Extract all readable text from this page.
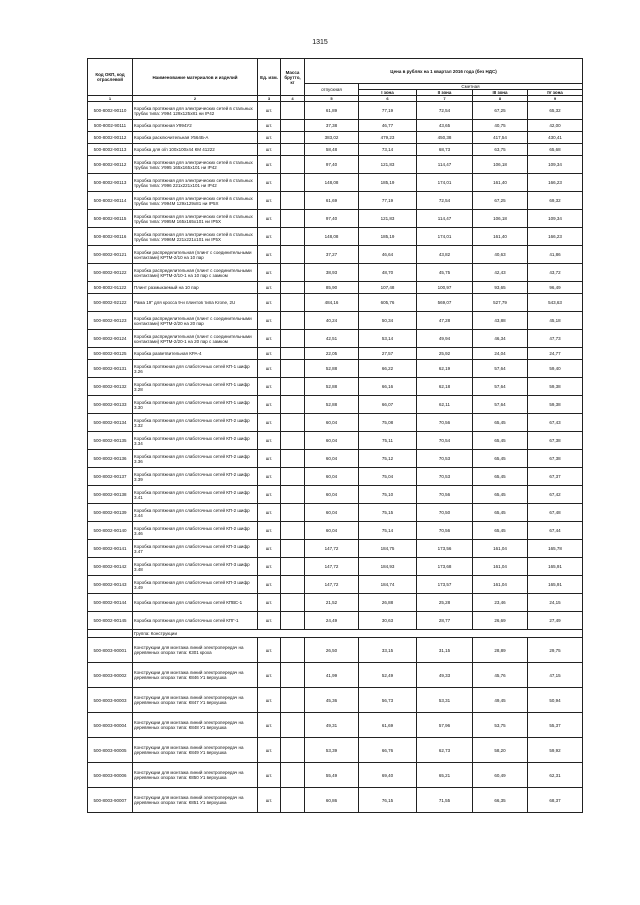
1315
Код ОКП, код отраслевой	Наименование материалов и изделий	Ед. изм.	Масса брутто, кг	Цена в рублях на 1 квартал 2016 года (без НДС)				
				отпускная	Сметная			
					I зона	II зона	III зона	IV зона
1	2	3	4	5	6	7	8	9
500-8002-90110	Коробка протяжная для электрических сетей в стальных трубах типа: У994 129х125х81 ни IP42	шт.		61,89	77,19	72,54	67,25	65,32
500-8002-90111	Коробка протяжная У994У2	шт.		37,38	46,77	43,65	40,75	42,00
500-8002-90112	Коробка расключительная У564Б-А	шт.		383,02	479,23	450,38	417,54	430,41
500-8002-90113	Коробка для о/п 100х100х44 КМ 41222	шт.		58,48	73,14	68,73	63,75	65,68
500-8002-90112	Коробка протяжная для электрических сетей в стальных трубах типа: У995 165х165х101 ни IP42	шт.		97,40	121,83	114,47	106,18	109,34
500-8002-90113	Коробка протяжная для электрических сетей в стальных трубах типа: У996 221х221х101 ни IP42	шт.		148,08	185,19	174,01	161,40	166,23
500-8002-90114	Коробка протяжная для электрических сетей в стальных трубах типа: У994М 129х129х81 ни IP5X	шт.		61,69	77,19	72,54	67,25	69,32
500-8002-90115	Коробка протяжная для электрических сетей в стальных трубах типа: У995М 165х165х101 ни IP5X	шт.		97,40	121,83	114,47	106,18	109,34
500-8002-90116	Коробка протяжная для электрических сетей в стальных трубах типа: У996М 221х221х101 ни IP5X	шт.		148,08	185,19	174,01	161,40	166,23
500-8002-90121	Коробки распределительная (плинт с соединительными контактами) КРТМ-2/10 на 10 пар	шт.		37,27	46,64	43,82	40,63	41,86
500-8002-90122	Коробка распределительная (плинт с соединительными контактами) КРТМ-2/10-1 на 10 пар с замком	шт.		38,93	48,70	45,75	42,43	43,72
500-8002-91122	Плинт размыкаемый на 10 пар	шт.		85,90	107,48	100,97	93,65	96,49
500-8002-92122	Рама 19" для кросса 9-и плинтов типа Krone, 2U	шт.		484,16	605,76	569,07	527,79	543,63
500-8002-90123	Коробка распределительная (плинт с соединительными контактами) КРТМ-2/20 на 20 пар	шт.		40,24	50,34	47,28	43,88	45,18
500-8002-90124	Коробка распределительная (плинт с соединительными контактами) КРТМ-2/20-1 на 20 пар с замком	шт.		42,51	53,14	49,94	46,34	47,73
500-8002-90125	Коробка разветвительная КРА-4	шт.		22,05	27,57	25,92	24,04	24,77
500-8002-90131	Коробка протяжная для слаботочных сетей КП-1 шифр 3.26	шт.		52,88	66,22	62,19	57,64	59,40
500-8002-90132	Коробка протяжная для слаботочных сетей КП-1 шифр 3.28	шт.		52,88	66,16	62,18	57,64	59,38
500-8002-90133	Коробка протяжная для слаботочных сетей КП-1 шифр 3.30	шт.		52,88	66,07	62,11	57,64	59,38
500-8002-90134	Коробка протяжная для слаботочных сетей КП-2 шифр 3.32	шт.		60,04	75,08	70,56	65,45	67,43
500-8002-90135	Коробка протяжная для слаботочных сетей КП-2 шифр 3.34	шт.		60,04	75,11	70,54	65,45	67,38
500-8002-90136	Коробка протяжная для слаботочных сетей КП-2 шифр 3.36	шт.		60,04	75,12	70,53	65,45	67,38
500-8002-90137	Коробка протяжная для слаботочных сетей КП-2 шифр 3.39	шт.		60,04	75,04	70,53	65,45	67,37
500-8002-90138	Коробка протяжная для слаботочных сетей КП-2 шифр 3.41	шт.		60,04	75,10	70,56	65,45	67,42
500-8002-90139	Коробка протяжная для слаботочных сетей КП-2 шифр 3.44	шт.		60,04	75,15	70,50	65,45	67,48
500-8002-90140	Коробка протяжная для слаботочных сетей КП-2 шифр 3.46	шт.		60,04	75,14	70,56	65,45	67,44
500-8002-90141	Коробка протяжная для слаботочных сетей КП-3 шифр 3.47	шт.		147,72	184,75	173,56	161,04	165,78
500-8002-90142	Коробка протяжная для слаботочных сетей КП-3 шифр 3.48	шт.		147,72	184,93	173,68	161,04	165,91
500-8002-90143	Коробка протяжная для слаботочных сетей КП-3 шифр 3.49	шт.		147,72	184,74	173,57	161,04	165,91
500-8002-90144	Коробка протяжная для слаботочных сетей КПВС-1	шт.		21,52	26,88	25,28	23,46	24,15
500-8002-90145	Коробка протяжная для слаботочных сетей КПГ-1	шт.		24,49	30,63	28,77	26,69	27,49
	Группа: Конструкции							
500-8003-90001	Конструкции для монтажа линий электропередач на деревянных опорах типа: К301 кроха	шт.		26,50	33,15	31,15	28,89	29,75
500-8003-90002	Конструкции для монтажа линий электропередач на деревянных опорах типа: К846 У1 верхушка	шт.		41,99	52,49	49,33	45,76	47,15
500-8003-90003	Конструкции для монтажа линий электропередач на деревянных опорах типа: К847 У1 верхушка	шт.		45,36	56,73	53,31	49,45	50,94
500-8003-90004	Конструкции для монтажа линий электропередач на деревянных опорах типа: К848 У1 верхушка	шт.		49,31	61,69	57,96	53,75	55,37
500-8003-90005	Конструкции для монтажа линий электропередач на деревянных опорах типа: К849 У1 верхушка	шт.		53,39	66,76	62,73	58,20	59,92
500-8003-90006	Конструкции для монтажа линий электропередач на деревянных опорах типа: К850 У1 верхушка	шт.		55,49	69,40	65,21	60,49	62,31
500-8003-90007	Конструкции для монтажа линий электропередач на деревянных опорах типа: К851 У1 верхушка	шт.		60,86	76,15	71,55	66,35	68,37
